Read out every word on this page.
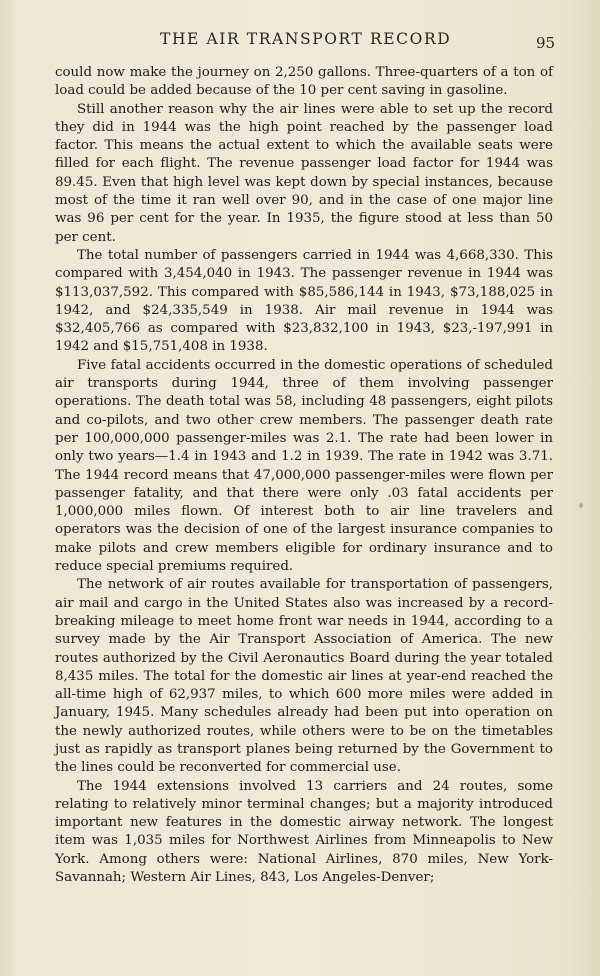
THE AIR TRANSPORT RECORD	95

could now make the journey on 2,250 gallons. Three-quarters of a ton of load could be added because of the 10 per cent saving in gasoline.

Still another reason why the air lines were able to set up the record they did in 1944 was the high point reached by the passenger load factor. This means the actual extent to which the available seats were filled for each flight. The revenue passenger load factor for 1944 was 89.45. Even that high level was kept down by special instances, because most of the time it ran well over 90, and in the case of one major line was 96 per cent for the year. In 1935, the figure stood at less than 50 per cent.

The total number of passengers carried in 1944 was 4,668,330. This compared with 3,454,040 in 1943. The passenger revenue in 1944 was $113,037,592. This compared with $85,586,144 in 1943, $73,188,025 in 1942, and $24,335,549 in 1938. Air mail revenue in 1944 was $32,405,766 as compared with $23,832,100 in 1943, $23,-197,991 in 1942 and $15,751,408 in 1938.

Five fatal accidents occurred in the domestic operations of scheduled air transports during 1944, three of them involving passenger operations. The death total was 58, including 48 passengers, eight pilots and co-pilots, and two other crew members. The passenger death rate per 100,000,000 passenger-miles was 2.1. The rate had been lower in only two years—1.4 in 1943 and 1.2 in 1939. The rate in 1942 was 3.71. The 1944 record means that 47,000,000 passenger-miles were flown per passenger fatality, and that there were only .03 fatal accidents per 1,000,000 miles flown. Of interest both to air line travelers and operators was the decision of one of the largest insurance companies to make pilots and crew members eligible for ordinary insurance and to reduce special premiums required.

The network of air routes available for transportation of passengers, air mail and cargo in the United States also was increased by a record-breaking mileage to meet home front war needs in 1944, according to a survey made by the Air Transport Association of America. The new routes authorized by the Civil Aeronautics Board during the year totaled 8,435 miles. The total for the domestic air lines at year-end reached the all-time high of 62,937 miles, to which 600 more miles were added in January, 1945. Many schedules already had been put into operation on the newly authorized routes, while others were to be on the timetables just as rapidly as transport planes being returned by the Government to the lines could be reconverted for commercial use.

The 1944 extensions involved 13 carriers and 24 routes, some relating to relatively minor terminal changes; but a majority introduced important new features in the domestic airway network. The longest item was 1,035 miles for Northwest Airlines from Minneapolis to New York. Among others were: National Airlines, 870 miles, New York-Savannah; Western Air Lines, 843, Los Angeles-Denver;
